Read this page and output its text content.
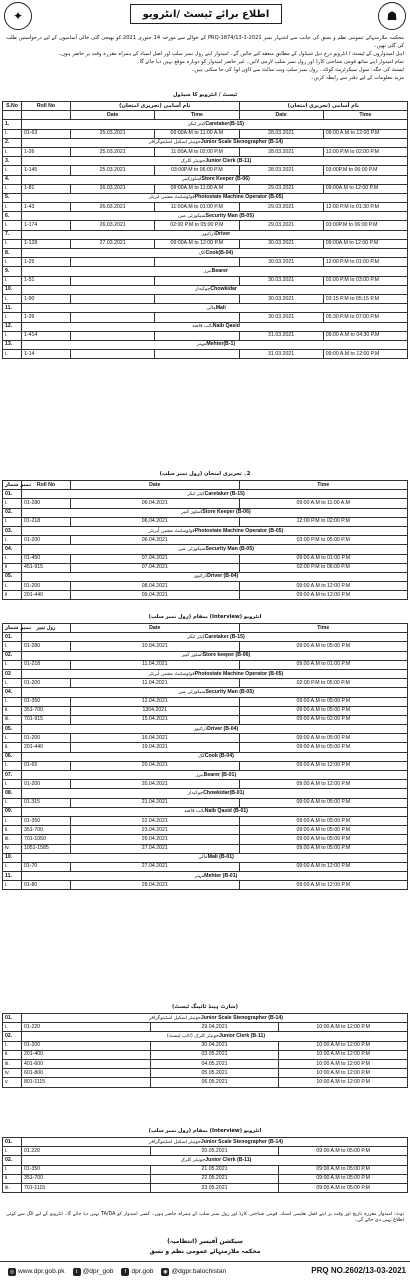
✦	اطلاع برائے ٹیسٹ /انٹرویو	☗
محکمہ ملازمتہائے عمومی نظم و نسق کی جانب سے اشتہار نمبر PRQ-1874/13-1-2021 کے حوالے سے مورخہ 14 جنوری 2021 کو بھیجی گئی خالی آسامیوں کے لیے درخواستیں طلب کی گئی تھیں۔
اہل امیدواروں کے ٹیسٹ / انٹرویو درج ذیل شیڈول کے مطابق منعقد کیے جائیں گے۔ امیدوار اپنے رول نمبر سلپ اور اصل اسناد کے ہمراہ مقررہ وقت پر حاضر ہوں۔
تمام امیدوار اپنے ساتھ قومی شناختی کارڈ اور رول نمبر سلپ لازمی لائیں۔ غیر حاضر امیدوار کو دوبارہ موقع نہیں دیا جائے گا۔
ٹیسٹ کی جگہ: سول سیکرٹریٹ کوئٹہ۔ رول نمبر سلپ ویب سائٹ سے ڈاؤن لوڈ کی جا سکتی ہیں۔
مزید معلومات کے لیے دفتر سے رابطہ کریں۔
ٹیسٹ / انٹرویو کا شیڈول
S.No	Roll No	نام آسامی (تحریری امتحان)		نام آسامی (تحریری امتحان)	
		Date	Time	Date	Time
1.	کیئر ٹیکرCaretaker(B-15)				
i.	01-63	25.03.2021	09:00A.M to 11:00 A.M	28.03.2021	09:00 A.M to 12:00 P.M
2.	جونیئر اسکیل اسٹینوگرافرJunior Scale Stenographer (B-14)				
i.	1-26	25.03.2021	11:00A.M to 02:00 P.M	28.03.2021	12:00 P.M to 02:00 P.M
3.	جونیئر کلرکJunior Clerk (B-11)				
i.	1-145	25.03.2021	03:00P.M to 06:00 P.M	28.03.2021	03:00P.M to 06:00 P.M
4.	اسٹورکیپرStore Keeper (B-06)				
i.	1-81	26.03.2021	09:00A.M to 11:00 A.M	29.03.2021	09:00A.M to 12:00 P.M
5.	فوٹوسٹیٹ مشین آپریٹرPhotostate Machine Operator (B-05)				
i.	1-43	26.03.2021	11:00A.M to 01:00 P.M	29.03.2021	12:00 P.M to 01:30 P.M
6.	سیکورٹی مینSecurity Man (B-05)				
i.	1-174	26.03.2021	02:00 P.M to 05:00 P.M	29.03.2021	03:00P.M to 06:00 P.M
7.	ڈرائیورDriver				
i.	1-128	27.03.2021	09:00A.M to 12:00 P.M	30.03.2021	09:00A.M to 12:00 P.M
8.	ککCook(B-04)				
i.	1-25			30.03.2021	12:00 P.M to 01:00 P.M
9.	بیررBearer				
i.	1-51			30.03.2021	02:00 P.M to 03:00 P.M
10.	چوکیدارChowkidar				
i.	1-90			30.03.2021	03:15 P.M to 05:15 P.M
11.	مالیMali				
i.	1-39			30.03.2021	05:30 P.M to 07:00 P.M
12.	نائب قاصدNaib Qasid				
i.	1-414			31.03.2021	09:00 A.M to 04:30 P.M
13.	مہترMehter(B-1)				
i.	1-14			31.03.2021	09:00 A.M to 12:00 P.M
2۔ تحریری امتحان (رول نمبر سلپ)
نمبر شمار	Roll No	Date	Time
01.	کیئر ٹیکرCaretaker (B-15)		
i.	01-280	06.04.2021	09:00 A.M to 11:00 A.M
02.	اسٹور کیپرStore Keeper (B-06)		
i.	01-218	06.04.2021	12:00 P.M to 02:00 P.M
03.	فوٹوسٹیٹ مشین آپریٹرPhotostate Machine Operator (B-05)		
i.	01-200	06.04.2021	03:00 P.M to 05:00 P.M
04.	سیکورٹی مینSecurity Man (B-05)		
i.	01-450	07.04.2021	09:00 A.M to 01:00 P.M
ii	451-915	07.04.2021	02:00 P.M to 06:00 P.M
05.	ڈرائیورDriver (B-04)		
i.	01-200	08.04.2021	09:00 A.M to 12:00 P.M
ii	201-440	09.04.2021	09:00 A.M to 12:00 P.M
انٹرویو (Interview) بمقام (رول نمبر سلپ)
نمبر شمار	رول نمبر	Date	Time
01.	کیئر ٹیکرCaretaker (B-15)		
i.	01-280	10.04.2021	09:00 A.M to 05:00 P.M
02.	اسٹور کیپرStore keeper (B-06)		
i.	01-218	11.04.2021	09:00 A.M to 01:00 P.M
03	فوٹوسٹیٹ مشین آپریٹرPhotostate Machine Operator (B-05)		
i.	01-200	11.04.2021	02:00 P.M to 05:00 P.M
04.	سیکورٹی مینSecurity Man (B-05)		
i.	01-350	12.04.2021	09:00 A.M to 05:00 P.M
ii.	351-700	1304.2021	09:00 A.M to 05:00 P.M
iii.	701-915	15.04.2021	09:00 A.M to 02:00 P.M
05.	ڈرائیورDriver (B-04)		
i.	01-200	16.04.2021	09:00 A.M to 05:00 P.M
ii.	201-440	19.04.2021	09:00 A.M to 05:00 P.M
06.	ککCook (B-04)		
i.	01-65	20.04.2021	09:00 A.M to 12:00 P.M
07.	بیررBearer (B-01)		
i.	01-200	20.04.2021	09:00 A.M to 12:00 P.M
08.	چوکیدارChowkidar(B-01)		
i.	01.315	21.04.2021	09:00 A.M to 05:00 P.M
09.	نائب قاصدNaib Qasid (B-01)		
i.	01-350	22.04.2021	09:00 A.M to 05:00 P.M
ii.	351-700	23.04.2021	09:00 A.M to 05:00 P.M
iii.	701-1050	26.04.2021	09:00 A.M to 05:00 P.M
iv.	1051-1585	27.04.2021	09:00 A.M to 05:00 P.M
10.	مالیMali (B-01)		
i.	01-70	27.04.2021	09:00 A.M to 12:00 P.M
11.	مہترMehter (B-01)		
i.	01-80	28.04.2021	09:00 A.M to 12:00 P.M
(شارٹ ہینڈ ٹائپنگ ٹیسٹ)
01.	جونیئر اسکیل اسٹینوگرافرJunior Scale Stenographer (B-14)		
i.	01-220	29.04.2021	10:00 A.M to 12:00 P.M
02.	جونیئر کلرک (ٹائپ ٹیسٹ)Junior Clerk (B-11)		
i.	01-200	30.04.2021	10:00 A.M to 12:00 P.M
ii.	201-400	03.05.2021	10:00 A.M to 12:00 P.M
iii.	401-600	04.05.2021	10:00 A.M to 12:00 P.M
iv.	601-800	05.05.2021	10:00 A.M to 12:00 P.M
v.	801-1115	06.05.2021	10:00 A.M to 12:00 P.M
انٹرویو (Interview) بمقام (رول نمبر سلپ)
01.	جونیئر اسکیل اسٹینوگرافرJunior Scale Stenographer (B-14)		
i.	01.220	20.05.2021	09:00 A.M to 05:00 P.M
02.	جونیئر کلرکJunior Clerk (B-11)		
i.	01-350	21.05.2021	09:00 A.M to 05:00 P.M
ii.	351-700	22.05.2021	09:00 A.M to 05:00 P.M
iii.	701-1115	23.05.2021	09:00 A.M to 05:00 P.M
نوٹ: امیدوار مقررہ تاریخ اور وقت پر اپنے اصل تعلیمی اسناد، قومی شناختی کارڈ اور رول نمبر سلپ کے ہمراہ حاضر ہوں۔ کسی امیدوار کو TA/DA نہیں دیا جائے گا۔ انٹرویو کے لیے الگ سے کوئی اطلاع نہیں دی جائے گی۔
سیکشن آفیسر (انتظامیہ)
محکمہ ملازمتہائے عمومی نظم و نسق
◎ www.dpr.gob.pk	t @dpr_gob	f dpr.gob	◉ @dgpr.balochistan	PRQ NO.2602/13-03-2021
